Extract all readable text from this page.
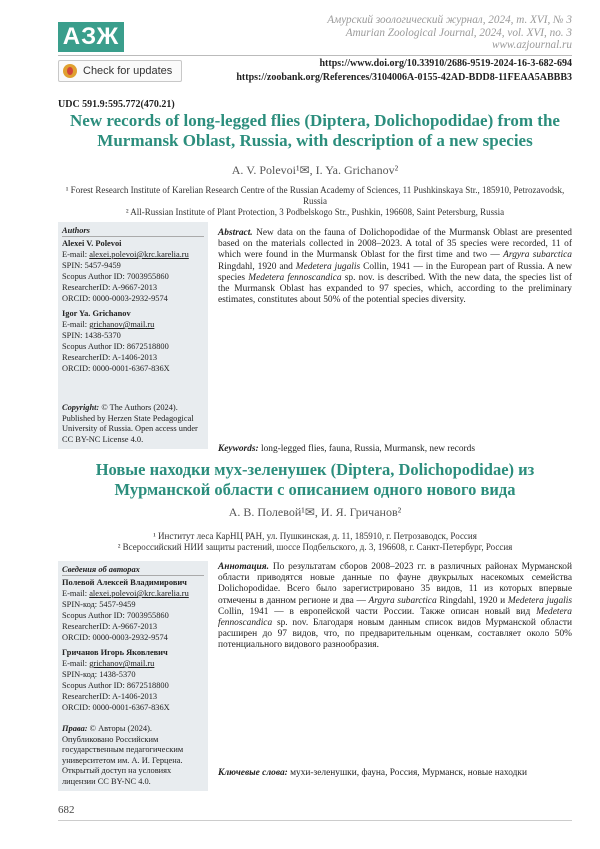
АЗЖ
Амурский зоологический журнал, 2024, т. XVI, № 3
Amurian Zoological Journal, 2024, vol. XVI, no. 3
www.azjournal.ru
Check for updates
https://www.doi.org/10.33910/2686-9519-2024-16-3-682-694
https://zoobank.org/References/3104006A-0155-42AD-BDD8-11FEAA5ABBB3
UDC 591.9:595.772(470.21)
New records of long-legged flies (Diptera, Dolichopodidae) from the Murmansk Oblast, Russia, with description of a new species
A. V. Polevoi¹✉, I. Ya. Grichanov²
¹ Forest Research Institute of Karelian Research Centre of the Russian Academy of Sciences, 11 Pushkinskaya Str., 185910, Petrozavodsk, Russia
² All-Russian Institute of Plant Protection, 3 Podbelskogo Str., Pushkin, 196608, Saint Petersburg, Russia
Authors
Alexei V. Polevoi
E-mail: alexei.polevoi@krc.karelia.ru
SPIN: 5457-9459
Scopus Author ID: 7003955860
ResearcherID: A-9667-2013
ORCID: 0000-0003-2932-9574
Igor Ya. Grichanov
E-mail: grichanov@mail.ru
SPIN: 1438-5370
Scopus Author ID: 8672518800
ResearcherID: A-1406-2013
ORCID: 0000-0001-6367-836X
Copyright: © The Authors (2024). Published by Herzen State Pedagogical University of Russia. Open access under CC BY-NC License 4.0.
Abstract. New data on the fauna of Dolichopodidae of the Murmansk Oblast are presented based on the materials collected in 2008–2023. A total of 35 species were recorded, 11 of which were found in the Murmansk Oblast for the first time and two — Argyra subarctica Ringdahl, 1920 and Medetera jugalis Collin, 1941 — in the European part of Russia. A new species Medetera fennoscandica sp. nov. is described. With the new data, the species list of the Murmansk Oblast has expanded to 97 species, which, according to the preliminary estimates, constitutes about 50% of the potential species diversity.
Keywords: long-legged flies, fauna, Russia, Murmansk, new records
Новые находки мух-зеленушек (Diptera, Dolichopodidae) из Мурманской области с описанием одного нового вида
А. В. Полевой¹✉, И. Я. Гричанов²
¹ Институт леса КарНЦ РАН, ул. Пушкинская, д. 11, 185910, г. Петрозаводск, Россия
² Всероссийский НИИ защиты растений, шоссе Подбельского, д. 3, 196608, г. Санкт-Петербург, Россия
Сведения об авторах
Полевой Алексей Владимирович
E-mail: alexei.polevoi@krc.karelia.ru
SPIN-код: 5457-9459
Scopus Author ID: 7003955860
ResearcherID: A-9667-2013
ORCID: 0000-0003-2932-9574
Гричанов Игорь Яковлевич
E-mail: grichanov@mail.ru
SPIN-код: 1438-5370
Scopus Author ID: 8672518800
ResearcherID: A-1406-2013
ORCID: 0000-0001-6367-836X
Права: © Авторы (2024). Опубликовано Российским государственным педагогическим университетом им. А. И. Герцена. Открытый доступ на условиях лицензии CC BY-NC 4.0.
Аннотация. По результатам сборов 2008–2023 гг. в различных районах Мурманской области приводятся новые данные по фауне двукрылых насекомых семейства Dolichopodidae. Всего было зарегистрировано 35 видов, 11 из которых впервые отмечены в данном регионе и два — Argyra subarctica Ringdahl, 1920 и Medetera jugalis Collin, 1941 — в европейской части России. Также описан новый вид Medetera fennoscandica sp. nov. Благодаря новым данным список видов Мурманской области расширен до 97 видов, что, по предварительным оценкам, составляет около 50% потенциального видового разнообразия.
Ключевые слова: мухи-зеленушки, фауна, Россия, Мурманск, новые находки
682
